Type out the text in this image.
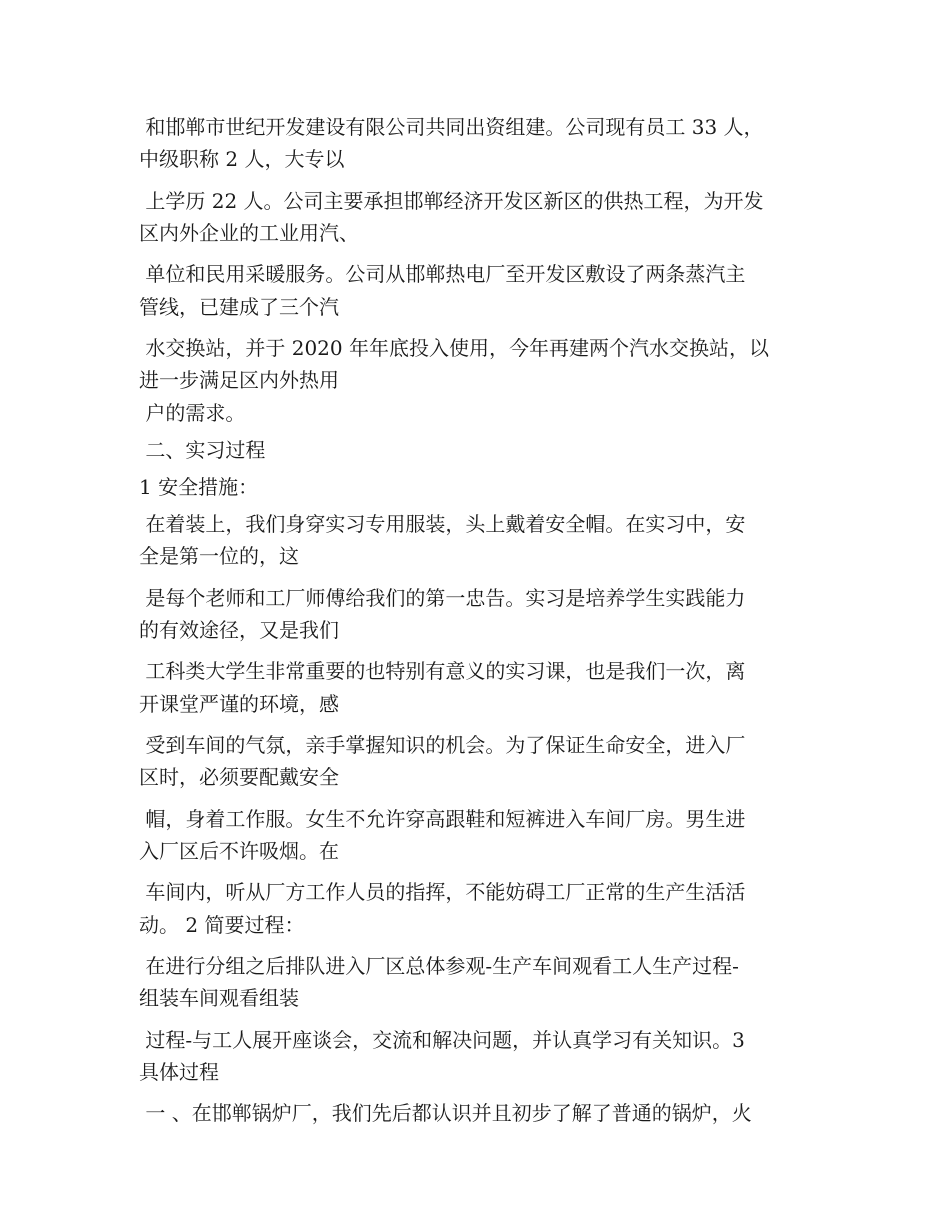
和邯郸市世纪开发建设有限公司共同出资组建。公司现有员工 33 人，
中级职称 2 人，大专以
上学历 22 人。公司主要承担邯郸经济开发区新区的供热工程，为开发
区内外企业的工业用汽、
单位和民用采暖服务。公司从邯郸热电厂至开发区敷设了两条蒸汽主
管线，已建成了三个汽
水交换站，并于 2020 年年底投入使用，今年再建两个汽水交换站，以
进一步满足区内外热用
户的需求。
二、实习过程
1 安全措施：
在着装上，我们身穿实习专用服装，头上戴着安全帽。在实习中，安
全是第一位的，这
是每个老师和工厂师傅给我们的第一忠告。实习是培养学生实践能力
的有效途径，又是我们
工科类大学生非常重要的也特别有意义的实习课，也是我们一次，离
开课堂严谨的环境，感
受到车间的气氛，亲手掌握知识的机会。为了保证生命安全，进入厂
区时，必须要配戴安全
帽，身着工作服。女生不允许穿高跟鞋和短裤进入车间厂房。男生进
入厂区后不许吸烟。在
车间内，听从厂方工作人员的指挥，不能妨碍工厂正常的生产生活活
动。 2 简要过程：
在进行分组之后排队进入厂区总体参观-生产车间观看工人生产过程-
组装车间观看组装
过程-与工人展开座谈会，交流和解决问题，并认真学习有关知识。3
具体过程
一 、在邯郸锅炉厂，我们先后都认识并且初步了解了普通的锅炉，火
